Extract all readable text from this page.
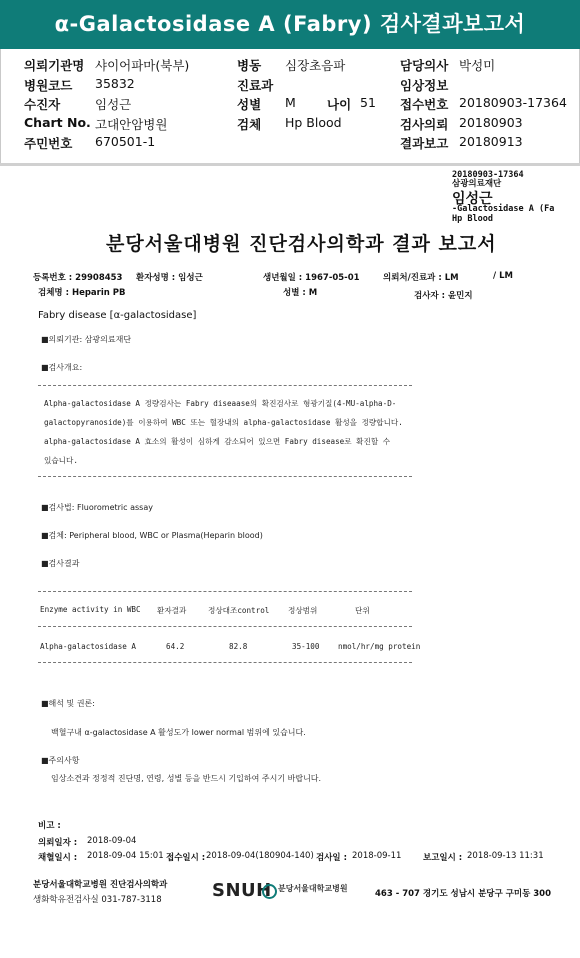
α-Galactosidase A (Fabry) 검사결과보고서
의뢰기관명 샤이어파마(북부)
병원코드 35832
수진자	임성근
Chart No. 고대안암병원
주민번호 670501-1
병동 심장초음파
진료과
성별 M 나이 51
검체 Hp Blood
담당의사 박성미
임상정보
접수번호 20180903-17364
검사의뢰 20180903
결과보고 20180913
20180903-17364
삼광의료재단
임성근
-Galactosidase A (Fa
Hp Blood
분당서울대병원 진단검사의학과 결과 보고서
등록번호 : 29908453 환자성명 : 임성근	생년월일 : 1967-05-01	의뢰처/진료과 : LM	/ LM
검체명 : Heparin PB	성별 : M	검사자 : 윤민지
Fabry disease [α-galactosidase]
■의뢰기관: 삼광의료재단
■검사개요:
Alpha-galactosidase A 정량검사는 Fabry diseaase의 확진검사로 형광기질(4-MU-alpha-D-
galactopyranoside)를 이용하여 WBC 또는 혈장내의 alpha-galactosidase 활성을 정량합니다.
alpha-galactosidase A 효소의 활성이 심하게 감소되어 있으면 Fabry disease로 확진할 수
있습니다.
■검사법: Fluorometric assay
■검체: Peripheral blood, WBC or Plasma(Heparin blood)
■검사결과
Enzyme activity in WBC 환자결과	정상대조control 정상범위	단위
Alpha-galactosidase A	64.2	82.8	35-100 nmol/hr/mg protein
■해석 및 권론:
백혈구내 α-galactosidase A 활성도가 lower normal 범위에 있습니다.
■주의사항
임상소견과 정정적 진단명, 연령, 성별 등을 반드시 기입하여 주시기 바랍니다.
비고 :
의뢰일자 : 2018-09-04
채혈일시 : 2018-09-04 15:01 접수일시 : 2018-09-04(180904-140) 검사일 : 2018-09-11	보고일시 : 2018-09-13 11:31
분당서울대학교병원 진단검사의학과
생화학유전검사실 031-787-3118	SNUH 분당서울대학교병원
463 - 707 경기도 성남시 분당구 구미동 300
